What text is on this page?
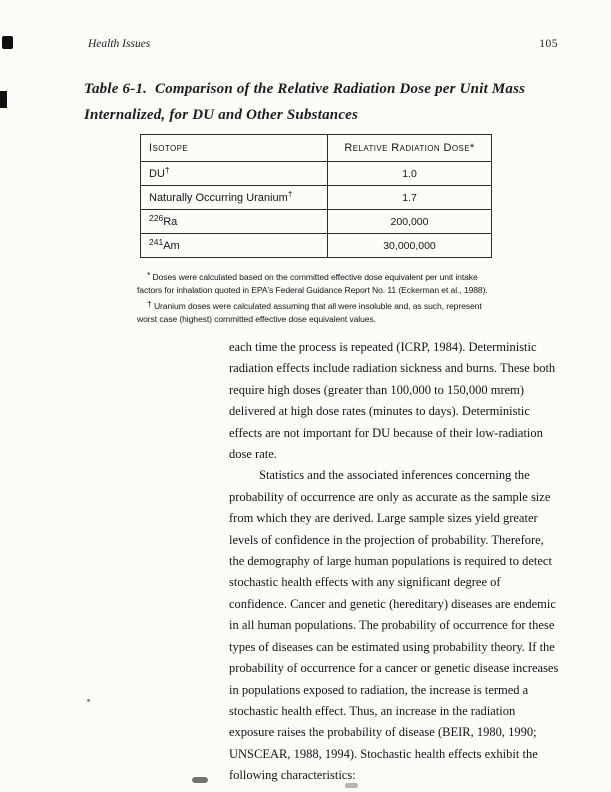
Health Issues	105
Table 6-1.  Comparison of the Relative Radiation Dose per Unit Mass Internalized, for DU and Other Substances
Isotope	Relative Radiation Dose*
DU†	1.0
Naturally Occurring Uranium†	1.7
$^{226}$Ra	200,000
$^{241}$Am	30,000,000

* Doses were calculated based on the committed effective dose equivalent per unit intake factors for inhalation quoted in EPA's Federal Guidance Report No. 11 (Eckerman et al., 1988).

† Uranium doses were calculated assuming that all were insoluble and, as such, represent worst case (highest) committed effective dose equivalent values.

each time the process is repeated (ICRP, 1984). Deterministic radiation effects include radiation sickness and burns. These both require high doses (greater than 100,000 to 150,000 mrem) delivered at high dose rates (minutes to days). Deterministic effects are not important for DU because of their low-radiation dose rate.

Statistics and the associated inferences concerning the probability of occurrence are only as accurate as the sample size from which they are derived. Large sample sizes yield greater levels of confidence in the projection of probability. Therefore, the demography of large human populations is required to detect stochastic health effects with any significant degree of confidence. Cancer and genetic (hereditary) diseases are endemic in all human populations. The probability of occurrence for these types of diseases can be estimated using probability theory. If the probability of occurrence for a cancer or genetic disease increases in populations exposed to radiation, the increase is termed a stochastic health effect. Thus, an increase in the radiation exposure raises the probability of disease (BEIR, 1980, 1990; UNSCEAR, 1988, 1994). Stochastic health effects exhibit the following characteristics:
